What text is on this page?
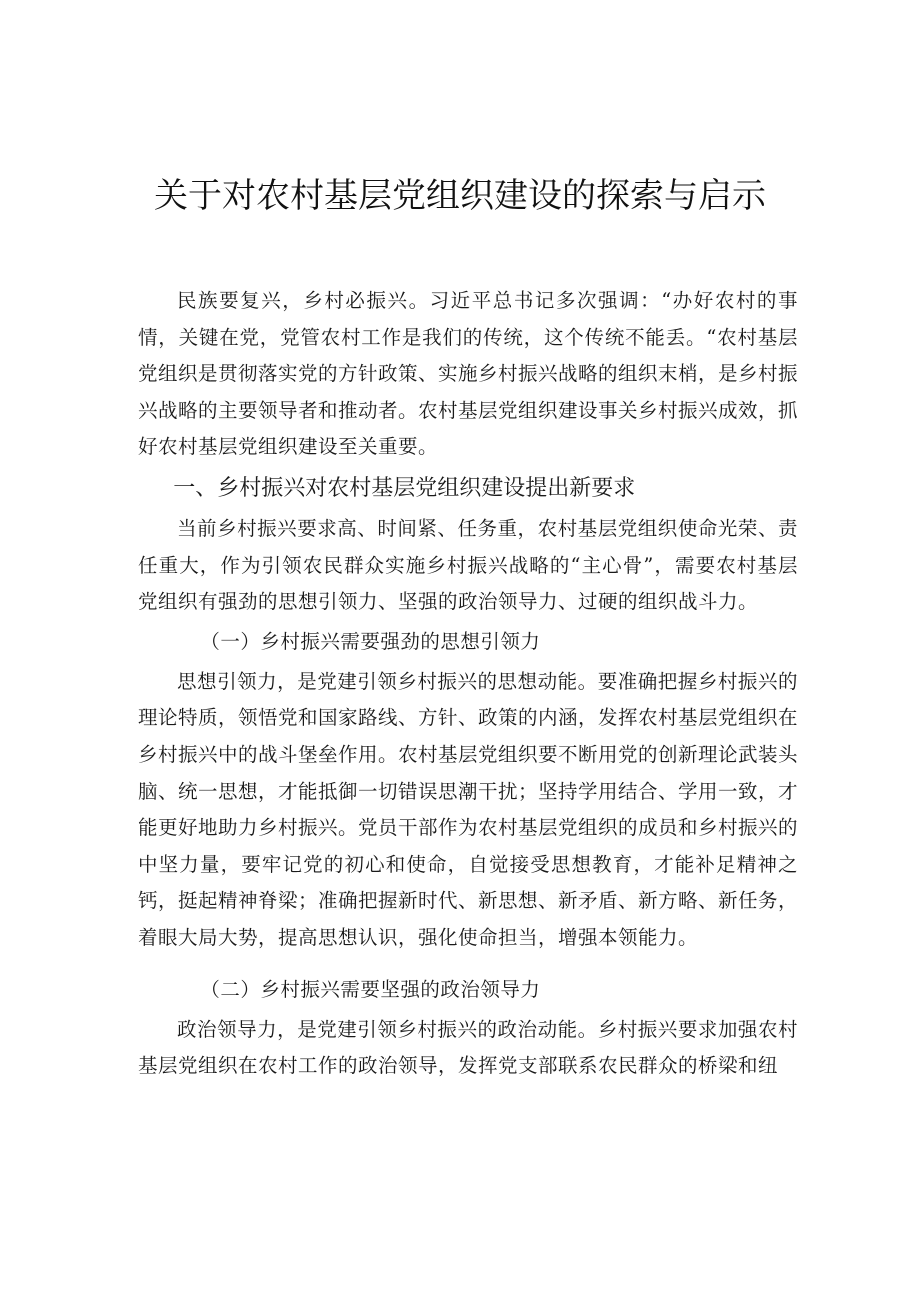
关于对农村基层党组织建设的探索与启示

民族要复兴，乡村必振兴。习近平总书记多次强调：“办好农村的事情，关键在党，党管农村工作是我们的传统，这个传统不能丢。“农村基层党组织是贯彻落实党的方针政策、实施乡村振兴战略的组织末梢，是乡村振兴战略的主要领导者和推动者。农村基层党组织建设事关乡村振兴成效，抓好农村基层党组织建设至关重要。

一、乡村振兴对农村基层党组织建设提出新要求

当前乡村振兴要求高、时间紧、任务重，农村基层党组织使命光荣、责任重大，作为引领农民群众实施乡村振兴战略的“主心骨”，需要农村基层党组织有强劲的思想引领力、坚强的政治领导力、过硬的组织战斗力。

（一）乡村振兴需要强劲的思想引领力

思想引领力，是党建引领乡村振兴的思想动能。要准确把握乡村振兴的理论特质，领悟党和国家路线、方针、政策的内涵，发挥农村基层党组织在乡村振兴中的战斗堡垒作用。农村基层党组织要不断用党的创新理论武装头脑、统一思想，才能抵御一切错误思潮干扰；坚持学用结合、学用一致，才能更好地助力乡村振兴。党员干部作为农村基层党组织的成员和乡村振兴的中坚力量，要牢记党的初心和使命，自觉接受思想教育，才能补足精神之钙，挺起精神脊梁；准确把握新时代、新思想、新矛盾、新方略、新任务，着眼大局大势，提高思想认识，强化使命担当，增强本领能力。

（二）乡村振兴需要坚强的政治领导力

政治领导力，是党建引领乡村振兴的政治动能。乡村振兴要求加强农村基层党组织在农村工作的政治领导，发挥党支部联系农民群众的桥梁和纽
